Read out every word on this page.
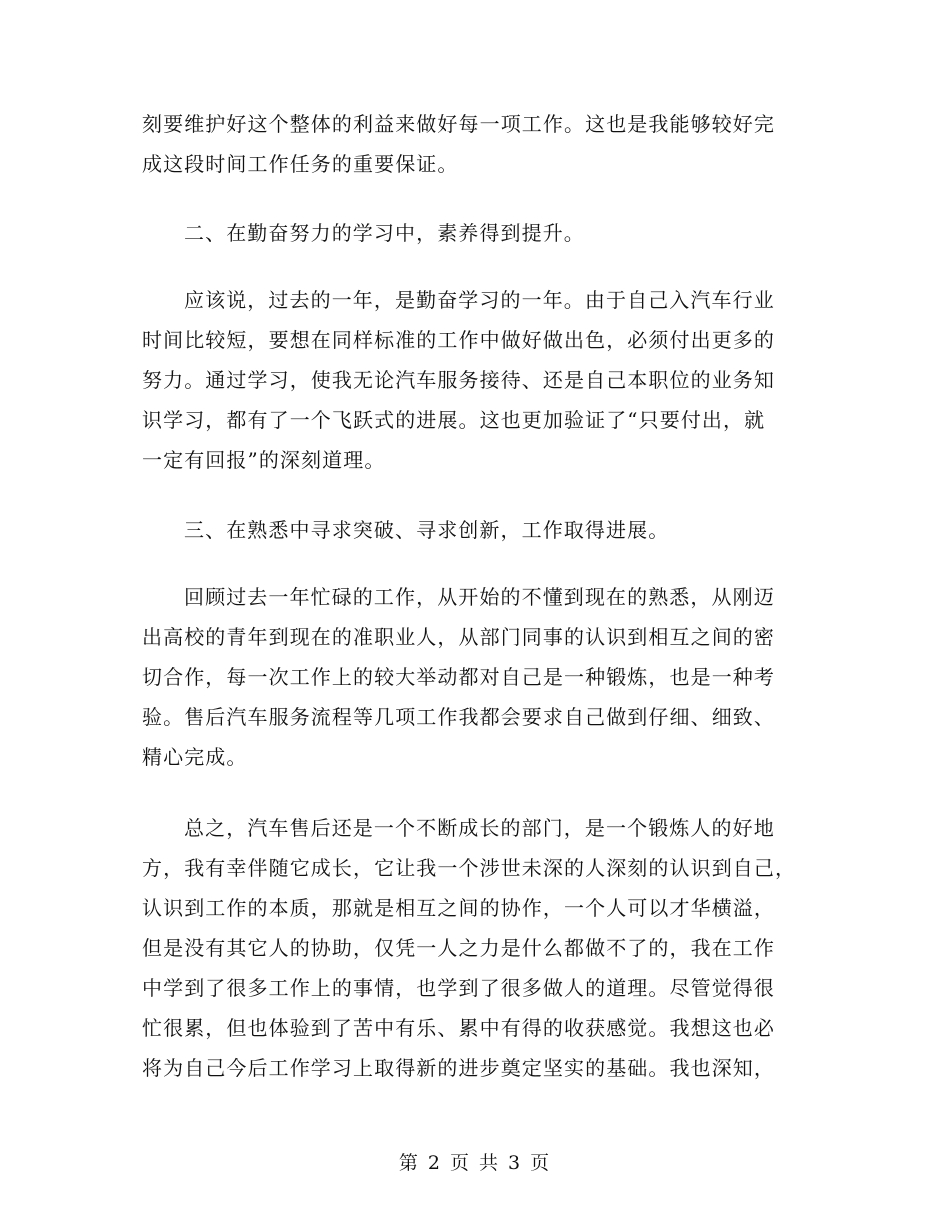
刻要维护好这个整体的利益来做好每一项工作。这也是我能够较好完
成这段时间工作任务的重要保证。
二、在勤奋努力的学习中，素养得到提升。
应该说，过去的一年，是勤奋学习的一年。由于自己入汽车行业
时间比较短，要想在同样标准的工作中做好做出色，必须付出更多的
努力。通过学习，使我无论汽车服务接待、还是自己本职位的业务知
识学习，都有了一个飞跃式的进展。这也更加验证了“只要付出，就
一定有回报”的深刻道理。
三、在熟悉中寻求突破、寻求创新，工作取得进展。
回顾过去一年忙碌的工作，从开始的不懂到现在的熟悉，从刚迈
出高校的青年到现在的准职业人，从部门同事的认识到相互之间的密
切合作，每一次工作上的较大举动都对自己是一种锻炼，也是一种考
验。售后汽车服务流程等几项工作我都会要求自己做到仔细、细致、
精心完成。
总之，汽车售后还是一个不断成长的部门，是一个锻炼人的好地
方，我有幸伴随它成长，它让我一个涉世未深的人深刻的认识到自己，
认识到工作的本质，那就是相互之间的协作，一个人可以才华横溢，
但是没有其它人的协助，仅凭一人之力是什么都做不了的，我在工作
中学到了很多工作上的事情，也学到了很多做人的道理。尽管觉得很
忙很累，但也体验到了苦中有乐、累中有得的收获感觉。我想这也必
将为自己今后工作学习上取得新的进步奠定坚实的基础。我也深知，
第 2 页 共 3 页
